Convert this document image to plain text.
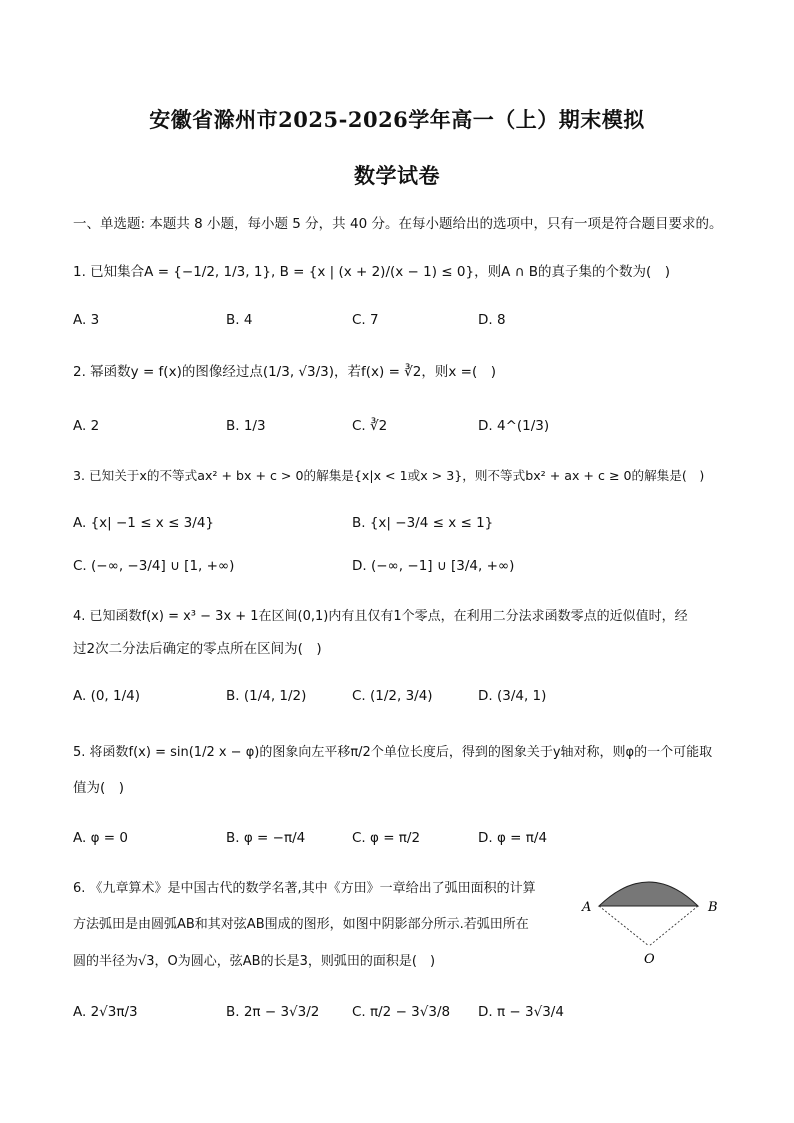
安徽省滁州市2025-2026学年高一（上）期末模拟
数学试卷
一、单选题: 本题共 8 小题，每小题 5 分，共 40 分。在每小题给出的选项中，只有一项是符合题目要求的。
1. 已知集合A = {−1/2, 1/3, 1}, B = {x | (x + 2)/(x − 1) ≤ 0}，则A ∩ B的真子集的个数为(　)
A. 3	B. 4	C. 7	D. 8
2. 幂函数y = f(x)的图像经过点(1/3, √3/3)，若f(x) = ∛2，则x =(　)
A. 2	B. 1/3	C. ∛2	D. 4^(1/3)
3. 已知关于x的不等式ax² + bx + c > 0的解集是{x|x < 1或x > 3}，则不等式bx² + ax + c ≥ 0的解集是(　)
A. {x| −1 ≤ x ≤ 3/4}	B. {x| −3/4 ≤ x ≤ 1}
C. (−∞, −3/4] ∪ [1, +∞)	D. (−∞, −1] ∪ [3/4, +∞)
4. 已知函数f(x) = x³ − 3x + 1在区间(0,1)内有且仅有1个零点，在利用二分法求函数零点的近似值时，经
过2次二分法后确定的零点所在区间为(　)
A. (0, 1/4)	B. (1/4, 1/2)	C. (1/2, 3/4)	D. (3/4, 1)
5. 将函数f(x) = sin(1/2 x − φ)的图象向左平移π/2个单位长度后，得到的图象关于y轴对称，则φ的一个可能取
值为(　)
A. φ = 0	B. φ = −π/4	C. φ = π/2	D. φ = π/4
6. 《九章算术》是中国古代的数学名著,其中《方田》一章给出了弧田面积的计算
方法弧田是由圆弧AB和其对弦AB围成的图形，如图中阴影部分所示.若弧田所在
圆的半径为√3，O为圆心，弦AB的长是3，则弧田的面积是(　)
A. 2√3π/3	B. 2π − 3√3/2 C. π/2 − 3√3/8 D. π − 3√3/4
A	B
O
